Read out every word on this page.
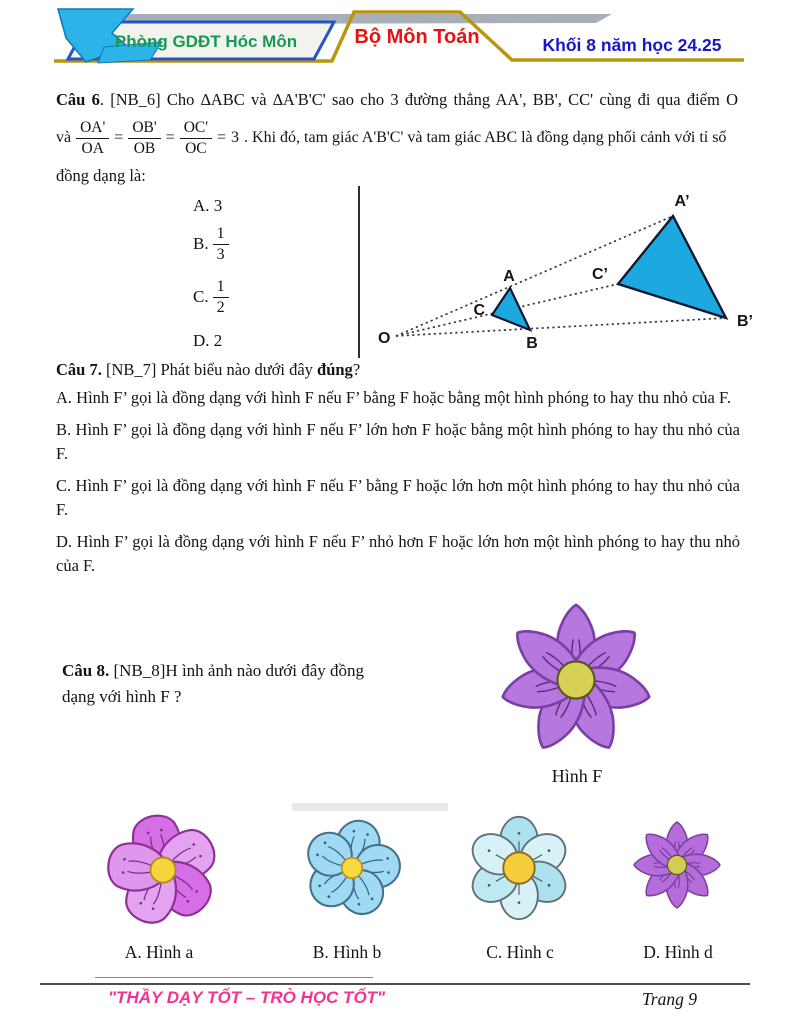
Phòng GDĐT Hóc Môn	Bộ Môn Toán	Khối 8 năm học 24.25
Câu 6. [NB_6] Cho ∆ABC và ∆A'B'C' sao cho 3 đường thẳng AA', BB', CC' cùng đi qua điểm O
và $\frac{OA'}{OA} = \frac{OB'}{OB} = \frac{OC'}{OC} = 3$ . Khi đó, tam giác A'B'C' và tam giác ABC là đồng dạng phối cảnh với tỉ số
đồng dạng là:
A.
3
B. $\frac{1}{3}$
C. $\frac{1}{2}$
D.
2	O
A
C
B
A’
C’
B’

Câu 7. [NB_7] Phát biểu nào dưới đây đúng?

A. Hình F’ gọi là đồng dạng với hình F nếu F’ bằng F hoặc bằng một hình phóng to hay thu nhỏ của F.

B. Hình F’ gọi là đồng dạng với hình F nếu F’ lớn hơn F hoặc bằng một hình phóng to hay thu nhỏ của F.

C. Hình F’ gọi là đồng dạng với hình F nếu F’ bằng F hoặc lớn hơn một hình phóng to hay thu nhỏ của F.

D. Hình F’ gọi là đồng dạng với hình F nếu F’ nhỏ hơn F hoặc lớn hơn một hình phóng to hay thu nhỏ của F.

Câu 8. [NB_8]H ình ảnh nào dưới đây đồng dạng với hình F ?
Hình F
A. Hình a	B. Hình b	C. Hình c	D. Hình d
"THẦY DẠY TỐT – TRÒ HỌC TỐT"	Trang 9
